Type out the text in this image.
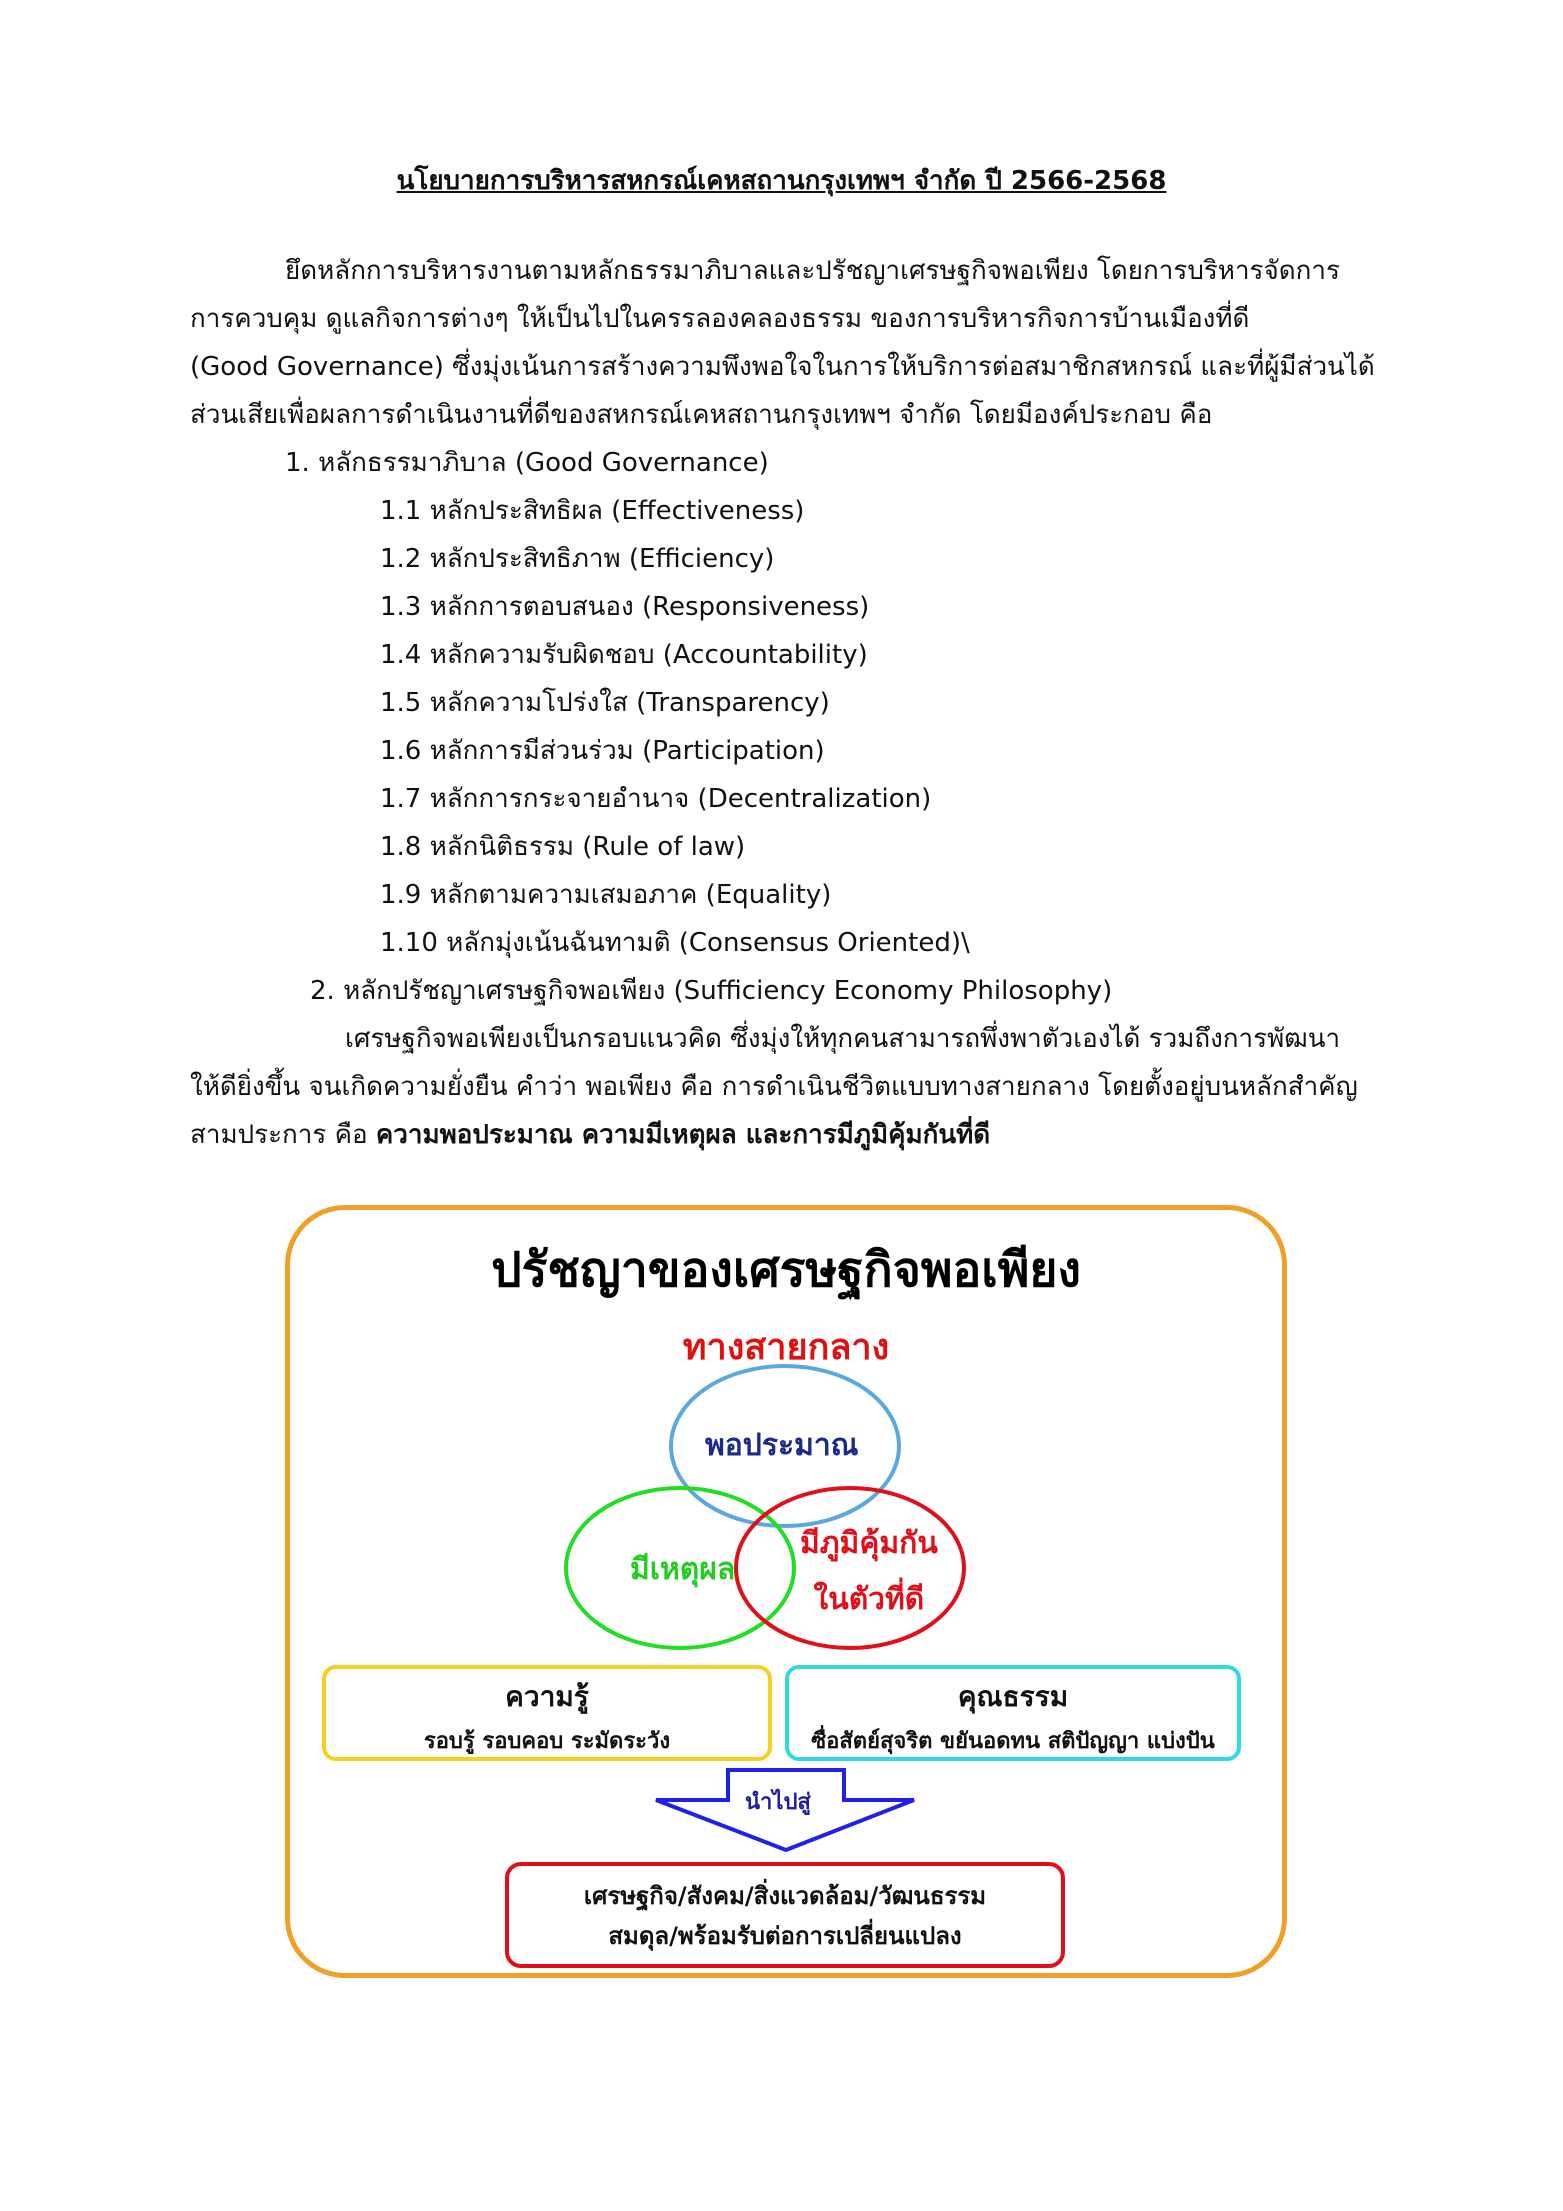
นโยบายการบริหารสหกรณ์เคหสถานกรุงเทพฯ จำกัด ปี 2566-2568
ยึดหลักการบริหารงานตามหลักธรรมาภิบาลและปรัชญาเศรษฐกิจพอเพียง โดยการบริหารจัดการ
การควบคุม ดูแลกิจการต่างๆ ให้เป็นไปในครรลองคลองธรรม ของการบริหารกิจการบ้านเมืองที่ดี
(Good Governance) ซึ่งมุ่งเน้นการสร้างความพึงพอใจในการให้บริการต่อสมาชิกสหกรณ์ และที่ผู้มีส่วนได้
ส่วนเสียเพื่อผลการดำเนินงานที่ดีของสหกรณ์เคหสถานกรุงเทพฯ จำกัด โดยมีองค์ประกอบ คือ
1. หลักธรรมาภิบาล (Good Governance)
1.1 หลักประสิทธิผล (Effectiveness)
1.2 หลักประสิทธิภาพ (Efficiency)
1.3 หลักการตอบสนอง (Responsiveness)
1.4 หลักความรับผิดชอบ (Accountability)
1.5 หลักความโปร่งใส (Transparency)
1.6 หลักการมีส่วนร่วม (Participation)
1.7 หลักการกระจายอำนาจ (Decentralization)
1.8 หลักนิติธรรม (Rule of law)
1.9 หลักตามความเสมอภาค (Equality)
1.10 หลักมุ่งเน้นฉันทามติ (Consensus Oriented)\
2. หลักปรัชญาเศรษฐกิจพอเพียง (Sufficiency Economy Philosophy)
เศรษฐกิจพอเพียงเป็นกรอบแนวคิด ซึ่งมุ่งให้ทุกคนสามารถพึ่งพาตัวเองได้ รวมถึงการพัฒนา
ให้ดียิ่งขึ้น จนเกิดความยั่งยืน คำว่า พอเพียง คือ การดำเนินชีวิตแบบทางสายกลาง โดยตั้งอยู่บนหลักสำคัญ
สามประการ คือ ความพอประมาณ ความมีเหตุผล และการมีภูมิคุ้มกันที่ดี
ปรัชญาของเศรษฐกิจพอเพียง
ทางสายกลาง
พอประมาณ
มีเหตุผล
มีภูมิคุ้มกัน
ในตัวที่ดี
ความรู้
รอบรู้ รอบคอบ ระมัดระวัง
คุณธรรม
ซื่อสัตย์สุจริต ขยันอดทน สติปัญญา แบ่งปัน
นำไปสู่
เศรษฐกิจ/สังคม/สิ่งแวดล้อม/วัฒนธรรม
สมดุล/พร้อมรับต่อการเปลี่ยนแปลง
